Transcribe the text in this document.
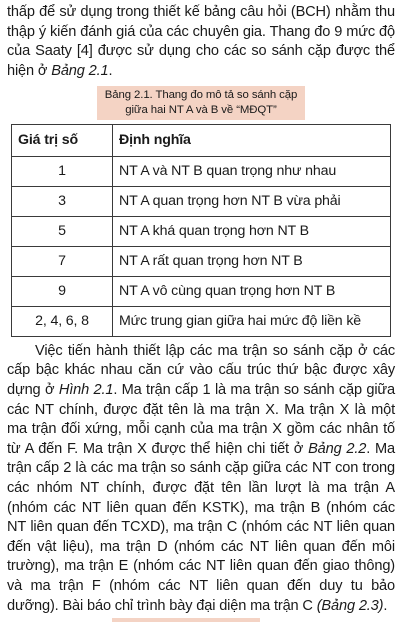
thấp để sử dụng trong thiết kế bảng câu hỏi (BCH) nhằm thu thập ý kiến đánh giá của các chuyên gia. Thang đo 9 mức độ của Saaty [4] được sử dụng cho các so sánh cặp được thể hiện ở Bảng 2.1.

Bảng 2.1. Thang đo mô tả so sánh cặp
giữa hai NT A và B về “MĐQT”
Giá trị số	Định nghĩa
1	NT A và NT B quan trọng như nhau
3	NT A quan trọng hơn NT B vừa phải
5	NT A khá quan trọng hơn NT B
7	NT A rất quan trọng hơn NT B
9	NT A vô cùng quan trọng hơn NT B
2, 4, 6, 8	Mức trung gian giữa hai mức độ liền kề

Việc tiến hành thiết lập các ma trận so sánh cặp ở các cấp bậc khác nhau căn cứ vào cấu trúc thứ bậc được xây dựng ở Hình 2.1. Ma trận cấp 1 là ma trận so sánh cặp giữa các NT chính, được đặt tên là ma trận X. Ma trận X là một ma trận đối xứng, mỗi cạnh của ma trận X gồm các nhân tố từ A đến F. Ma trận X được thể hiện chi tiết ở Bảng 2.2. Ma trận cấp 2 là các ma trận so sánh cặp giữa các NT con trong các nhóm NT chính, được đặt tên lần lượt là ma trận A (nhóm các NT liên quan đến KSTK), ma trận B (nhóm các NT liên quan đến TCXD), ma trận C (nhóm các NT liên quan đến vật liệu), ma trận D (nhóm các NT liên quan đến môi trường), ma trận E (nhóm các NT liên quan đến giao thông) và ma trận F (nhóm các NT liên quan đến duy tu bảo dưỡng). Bài báo chỉ trình bày đại diện ma trận C (Bảng 2.3).
